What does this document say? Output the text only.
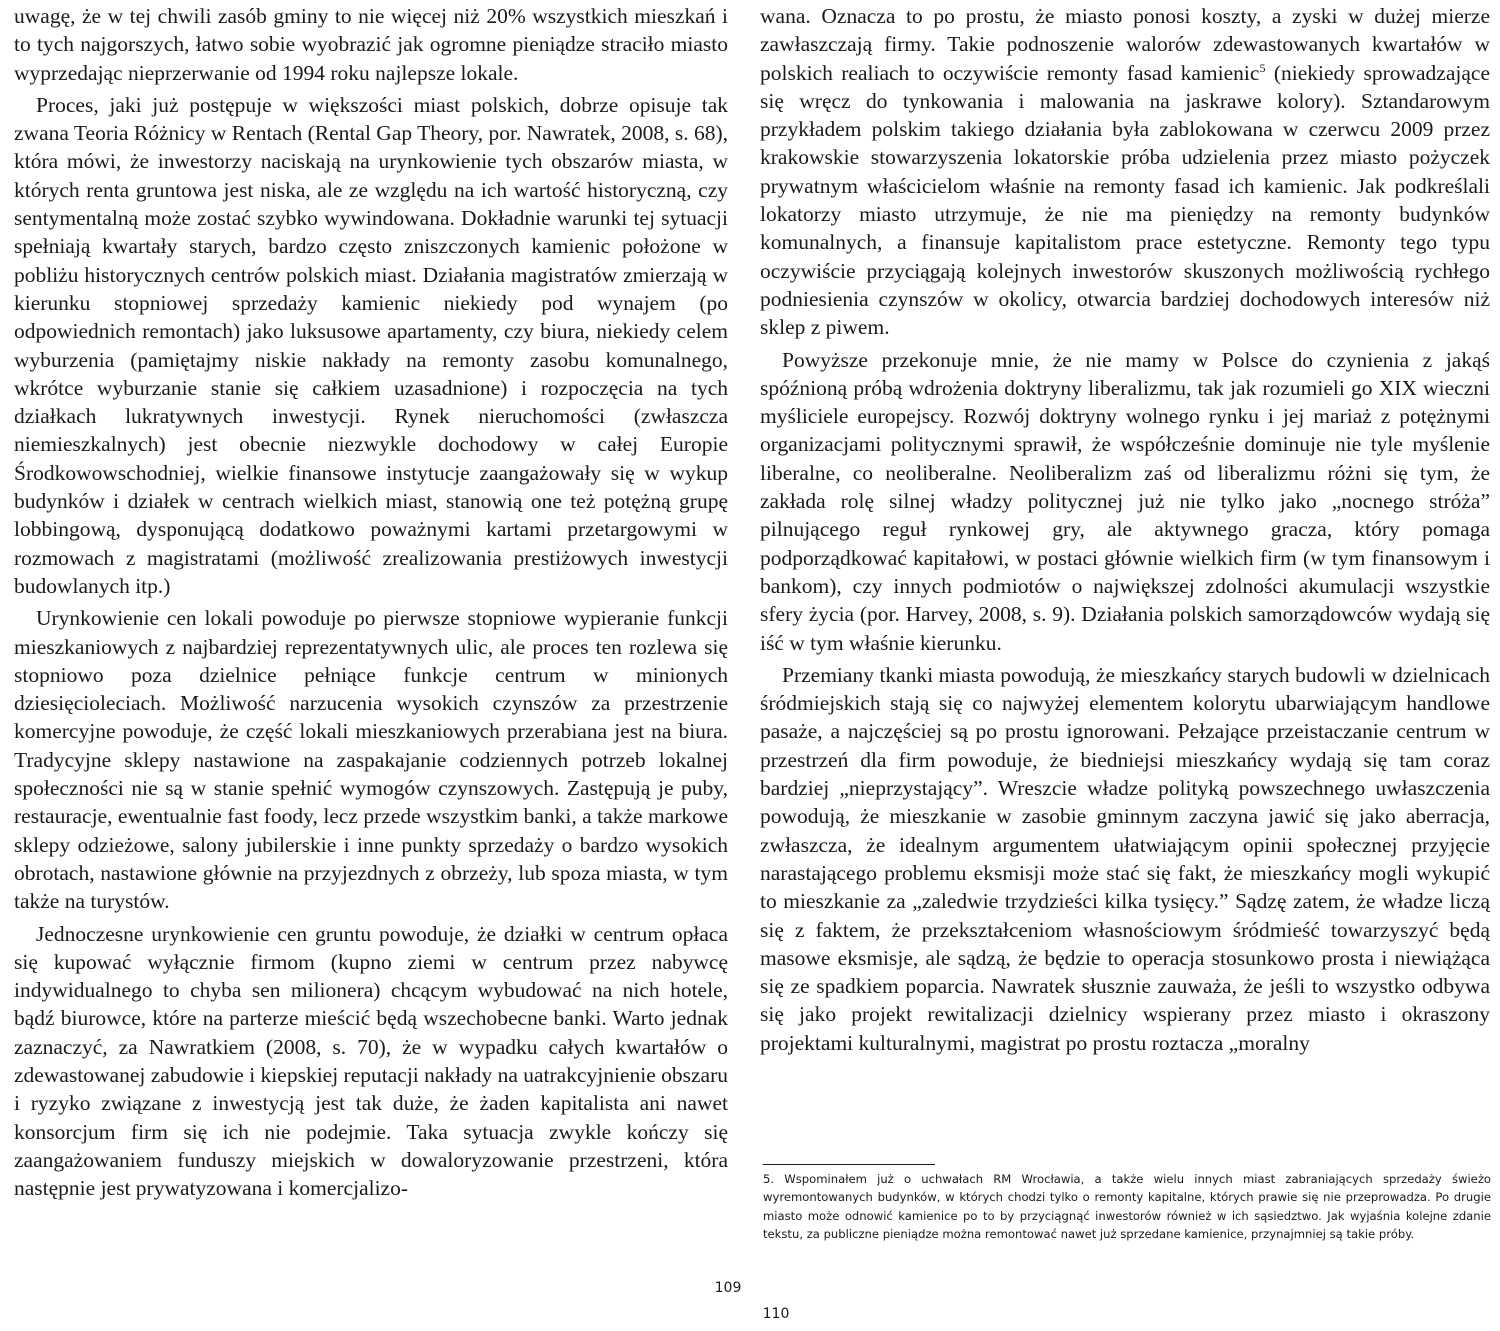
uwagę, że w tej chwili zasób gminy to nie więcej niż 20% wszystkich mieszkań i to tych najgorszych, łatwo sobie wyobrazić jak ogromne pieniądze straciło miasto wyprzedając nieprzerwanie od 1994 roku najlepsze lokale.

Proces, jaki już postępuje w większości miast polskich, dobrze opisuje tak zwana Teoria Różnicy w Rentach (Rental Gap Theory, por. Nawratek, 2008, s. 68), która mówi, że inwestorzy naciskają na urynkowienie tych obszarów miasta, w których renta gruntowa jest niska, ale ze względu na ich wartość historyczną, czy sentymentalną może zostać szybko wywindowana. Dokładnie warunki tej sytuacji spełniają kwartały starych, bardzo często zniszczonych kamienic położone w pobliżu historycznych centrów polskich miast. Działania magistratów zmierzają w kierunku stopniowej sprzedaży kamienic niekiedy pod wynajem (po odpowiednich remontach) jako luksusowe apartamenty, czy biura, niekiedy celem wyburzenia (pamiętajmy niskie nakłady na remonty zasobu komunalnego, wkrótce wyburzanie stanie się całkiem uzasadnione) i rozpoczęcia na tych działkach lukratywnych inwestycji. Rynek nieruchomości (zwłaszcza niemieszkalnych) jest obecnie niezwykle dochodowy w całej Europie Środkowowschodniej, wielkie finansowe instytucje zaangażowały się w wykup budynków i działek w centrach wielkich miast, stanowią one też potężną grupę lobbingową, dysponującą dodatkowo poważnymi kartami przetargowymi w rozmowach z magistratami (możliwość zrealizowania prestiżowych inwestycji budowlanych itp.)

Urynkowienie cen lokali powoduje po pierwsze stopniowe wypieranie funkcji mieszkaniowych z najbardziej reprezentatywnych ulic, ale proces ten rozlewa się stopniowo poza dzielnice pełniące funkcje centrum w minionych dziesięcioleciach. Możliwość narzucenia wysokich czynszów za przestrzenie komercyjne powoduje, że część lokali mieszkaniowych przerabiana jest na biura. Tradycyjne sklepy nastawione na zaspakajanie codziennych potrzeb lokalnej społeczności nie są w stanie spełnić wymogów czynszowych. Zastępują je puby, restauracje, ewentualnie fast foody, lecz przede wszystkim banki, a także markowe sklepy odzieżowe, salony jubilerskie i inne punkty sprzedaży o bardzo wysokich obrotach, nastawione głównie na przyjezdnych z obrzeży, lub spoza miasta, w tym także na turystów.

Jednoczesne urynkowienie cen gruntu powoduje, że działki w centrum opłaca się kupować wyłącznie firmom (kupno ziemi w centrum przez nabywcę indywidualnego to chyba sen milionera) chcącym wybudować na nich hotele, bądź biurowce, które na parterze mieścić będą wszechobecne banki. Warto jednak zaznaczyć, za Nawratkiem (2008, s. 70), że w wypadku całych kwartałów o zdewastowanej zabudowie i kiepskiej reputacji nakłady na uatrakcyjnienie obszaru i ryzyko związane z inwestycją jest tak duże, że żaden kapitalista ani nawet konsorcjum firm się ich nie podejmie. Taka sytuacja zwykle kończy się zaangażowaniem funduszy miejskich w dowaloryzowanie przestrzeni, która następnie jest prywatyzowana i komercjalizo-

wana. Oznacza to po prostu, że miasto ponosi koszty, a zyski w dużej mierze zawłaszczają firmy. Takie podnoszenie walorów zdewastowanych kwartałów w polskich realiach to oczywiście remonty fasad kamienic$^5$ (niekiedy sprowadzające się wręcz do tynkowania i malowania na jaskrawe kolory). Sztandarowym przykładem polskim takiego działania była zablokowana w czerwcu 2009 przez krakowskie stowarzyszenia lokatorskie próba udzielenia przez miasto pożyczek prywatnym właścicielom właśnie na remonty fasad ich kamienic. Jak podkreślali lokatorzy miasto utrzymuje, że nie ma pieniędzy na remonty budynków komunalnych, a finansuje kapitalistom prace estetyczne. Remonty tego typu oczywiście przyciągają kolejnych inwestorów skuszonych możliwością rychłego podniesienia czynszów w okolicy, otwarcia bardziej dochodowych interesów niż sklep z piwem.

Powyższe przekonuje mnie, że nie mamy w Polsce do czynienia z jakąś spóźnioną próbą wdrożenia doktryny liberalizmu, tak jak rozumieli go XIX wieczni myśliciele europejscy. Rozwój doktryny wolnego rynku i jej mariaż z potężnymi organizacjami politycznymi sprawił, że współcześnie dominuje nie tyle myślenie liberalne, co neoliberalne. Neoliberalizm zaś od liberalizmu różni się tym, że zakłada rolę silnej władzy politycznej już nie tylko jako „nocnego stróża” pilnującego reguł rynkowej gry, ale aktywnego gracza, który pomaga podporządkować kapitałowi, w postaci głównie wielkich firm (w tym finansowym i bankom), czy innych podmiotów o największej zdolności akumulacji wszystkie sfery życia (por. Harvey, 2008, s. 9). Działania polskich samorządowców wydają się iść w tym właśnie kierunku.

Przemiany tkanki miasta powodują, że mieszkańcy starych budowli w dzielnicach śródmiejskich stają się co najwyżej elementem kolorytu ubarwiającym handlowe pasaże, a najczęściej są po prostu ignorowani. Pełzające przeistaczanie centrum w przestrzeń dla firm powoduje, że biedniejsi mieszkańcy wydają się tam coraz bardziej „nieprzystający”. Wreszcie władze polityką powszechnego uwłaszczenia powodują, że mieszkanie w zasobie gminnym zaczyna jawić się jako aberracja, zwłaszcza, że idealnym argumentem ułatwiającym opinii społecznej przyjęcie narastającego problemu eksmisji może stać się fakt, że mieszkańcy mogli wykupić to mieszkanie za „zaledwie trzydzieści kilka tysięcy.” Sądzę zatem, że władze liczą się z faktem, że przekształceniom własnościowym śródmieść towarzyszyć będą masowe eksmisje, ale sądzą, że będzie to operacja stosunkowo prosta i niewiążąca się ze spadkiem poparcia. Nawratek słusznie zauważa, że jeśli to wszystko odbywa się jako projekt rewitalizacji dzielnicy wspierany przez miasto i okraszony projektami kulturalnymi, magistrat po prostu roztacza „moralny

5. Wspominałem już o uchwałach RM Wrocławia, a także wielu innych miast zabraniających sprzedaży świeżo wyremontowanych budynków, w których chodzi tylko o remonty kapitalne, których prawie się nie przeprowadza. Po drugie miasto może odnowić kamienice po to by przyciągnąć inwestorów również w ich sąsiedztwo. Jak wyjaśnia kolejne zdanie tekstu, za publiczne pieniądze można remontować nawet już sprzedane kamienice, przynajmniej są takie próby.
109
110
